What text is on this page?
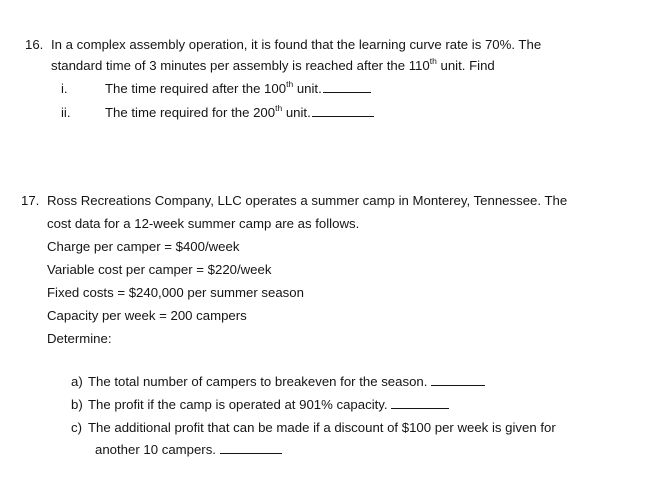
16. In a complex assembly operation, it is found that the learning curve rate is 70%. The
standard time of 3 minutes per assembly is reached after the 110th unit. Find
i.	The time required after the 100th unit.
ii.	The time required for the 200th unit.
17. Ross Recreations Company, LLC operates a summer camp in Monterey, Tennessee. The
cost data for a 12-week summer camp are as follows.
Charge per camper = $400/week
Variable cost per camper = $220/week
Fixed costs = $240,000 per summer season
Capacity per week = 200 campers
Determine:
a) The total number of campers to breakeven for the season.
b) The profit if the camp is operated at 901% capacity.
c) The additional profit that can be made if a discount of $100 per week is given for
another 10 campers.
